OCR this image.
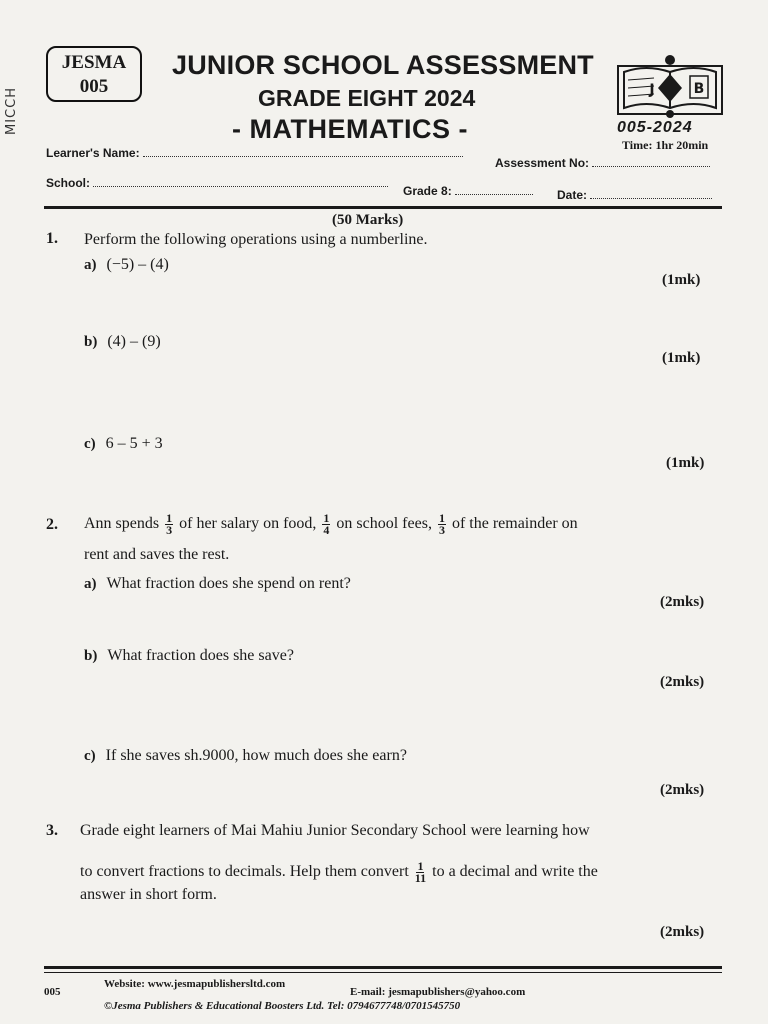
MICCH
JESMA
005
JUNIOR SCHOOL ASSESSMENT
GRADE EIGHT 2024
- MATHEMATICS -
B
J
005-2024
Time: 1hr 20min
Learner's Name:
Assessment No:
School:
Grade 8:	Date:
(50 Marks)
1. Perform the following operations using a numberline.
a) (−5) – (4)
(1mk)
b) (4) – (9)
(1mk)
c) 6 – 5 + 3
(1mk)
2. Ann spends $\frac{1}{3}$ of her salary on food, $\frac{1}{4}$ on school fees, $\frac{1}{3}$ of the remainder on
rent and saves the rest.
a) What fraction does she spend on rent?
(2mks)
b) What fraction does she save?
(2mks)
c) If she saves sh.9000, how much does she earn?
(2mks)
3. Grade eight learners of Mai Mahiu Junior Secondary School were learning how
to convert fractions to decimals. Help them convert $\frac{1}{11}$ to a decimal and write the
answer in short form.
(2mks)
005
Website: www.jesmapublishersltd.com
E-mail: jesmapublishers@yahoo.com
©Jesma Publishers & Educational Boosters Ltd. Tel: 0794677748/0701545750
